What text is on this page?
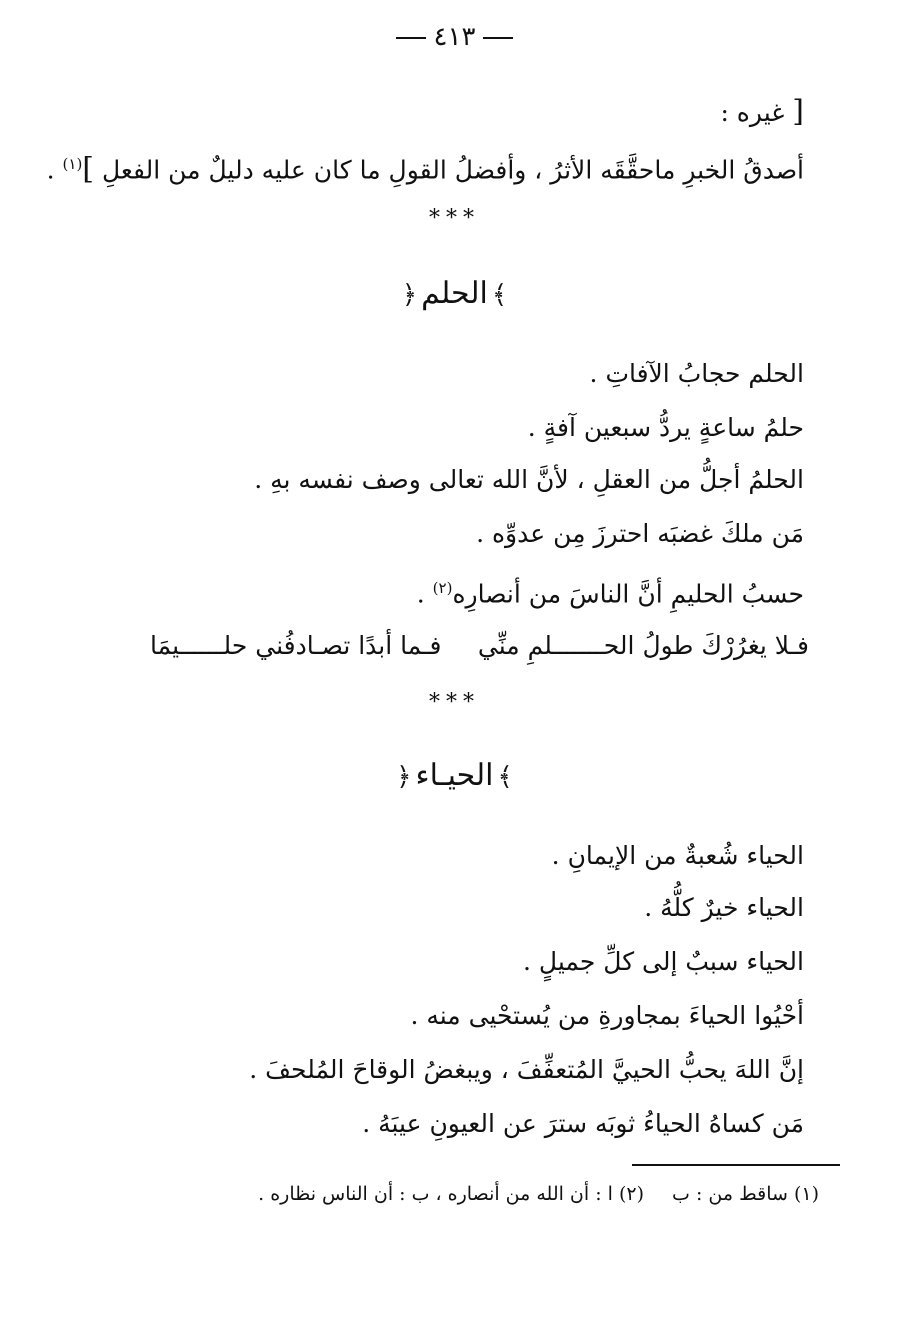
٤١٣
[ غيره :
أصدقُ الخبرِ ماحقَّقَه الأثرُ ، وأفضلُ القولِ ما كان عليه دليلٌ من الفعلِ ]$^{(١)}$ .
***
﴾الحلم﴿
الحلم حجابُ الآفاتِ .
حلمُ ساعةٍ يردُّ سبعين آفةٍ .
الحلمُ أجلُّ من العقلِ ، لأنَّ الله تعالى وصف نفسه بهِ .
مَن ملكَ غضبَه احترزَ مِن عدوِّه .
حسبُ الحليمِ أنَّ الناسَ من أنصارِه$^{(٢)}$ .
فـلا يغرُرْكَ طولُ الحـــــــلمِ منِّي
فـما أبدًا تصـادفُني حلــــــيمَا
***
﴾الحيـاء﴿
الحياء شُعبةٌ من الإيمانِ .
الحياء خيرٌ كلُّهُ .
الحياء سببٌ إلى كلِّ جميلٍ .
أحْيُوا الحياءَ بمجاورةِ من يُستحْيى منه .
إنَّ اللهَ يحبُّ الحييَّ المُتعفِّفَ ، ويبغضُ الوقاحَ المُلحفَ .
مَن كساهُ الحياءُ ثوبَه سترَ عن العيونِ عيبَهُ .
(١) ساقط من : ب(٢) ا : أن الله من أنصاره ، ب : أن الناس نظاره .
